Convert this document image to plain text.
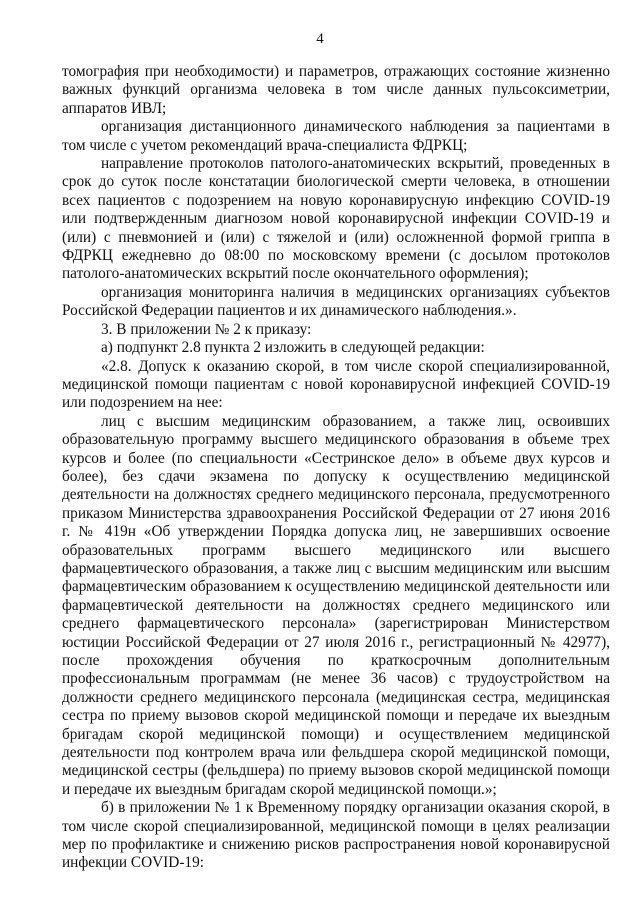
4

томография при необходимости) и параметров, отражающих состояние жизненно важных функций организма человека в том числе данных пульсоксиметрии, аппаратов ИВЛ;

организация дистанционного динамического наблюдения за пациентами в том числе с учетом рекомендаций врача-специалиста ФДРКЦ;

направление протоколов патолого-анатомических вскрытий, проведенных в срок до суток после констатации биологической смерти человека, в отношении всех пациентов с подозрением на новую коронавирусную инфекцию COVID-19 или подтвержденным диагнозом новой коронавирусной инфекции COVID-19 и (или) с пневмонией и (или) с тяжелой и (или) осложненной формой гриппа в ФДРКЦ ежедневно до 08:00 по московскому времени (с досылом протоколов патолого-анатомических вскрытий после окончательного оформления);

организация мониторинга наличия в медицинских организациях субъектов Российской Федерации пациентов и их динамического наблюдения.».

3. В приложении № 2 к приказу:

а) подпункт 2.8 пункта 2 изложить в следующей редакции:

«2.8. Допуск к оказанию скорой, в том числе скорой специализированной, медицинской помощи пациентам с новой коронавирусной инфекцией COVID-19 или подозрением на нее:

лиц с высшим медицинским образованием, а также лиц, освоивших образовательную программу высшего медицинского образования в объеме трех курсов и более (по специальности «Сестринское дело» в объеме двух курсов и более), без сдачи экзамена по допуску к осуществлению медицинской деятельности на должностях среднего медицинского персонала, предусмотренного приказом Министерства здравоохранения Российской Федерации от 27 июня 2016 г. № 419н «Об утверждении Порядка допуска лиц, не завершивших освоение образовательных программ высшего медицинского или высшего фармацевтического образования, а также лиц с высшим медицинским или высшим фармацевтическим образованием к осуществлению медицинской деятельности или фармацевтической деятельности на должностях среднего медицинского или среднего фармацевтического персонала» (зарегистрирован Министерством юстиции Российской Федерации от 27 июля 2016 г., регистрационный № 42977), после прохождения обучения по краткосрочным дополнительным профессиональным программам (не менее 36 часов) с трудоустройством на должности среднего медицинского персонала (медицинская сестра, медицинская сестра по приему вызовов скорой медицинской помощи и передаче их выездным бригадам скорой медицинской помощи) и осуществлением медицинской деятельности под контролем врача или фельдшера скорой медицинской помощи, медицинской сестры (фельдшера) по приему вызовов скорой медицинской помощи и передаче их выездным бригадам скорой медицинской помощи.»;

б) в приложении № 1 к Временному порядку организации оказания скорой, в том числе скорой специализированной, медицинской помощи в целях реализации мер по профилактике и снижению рисков распространения новой коронавирусной инфекции COVID-19:
